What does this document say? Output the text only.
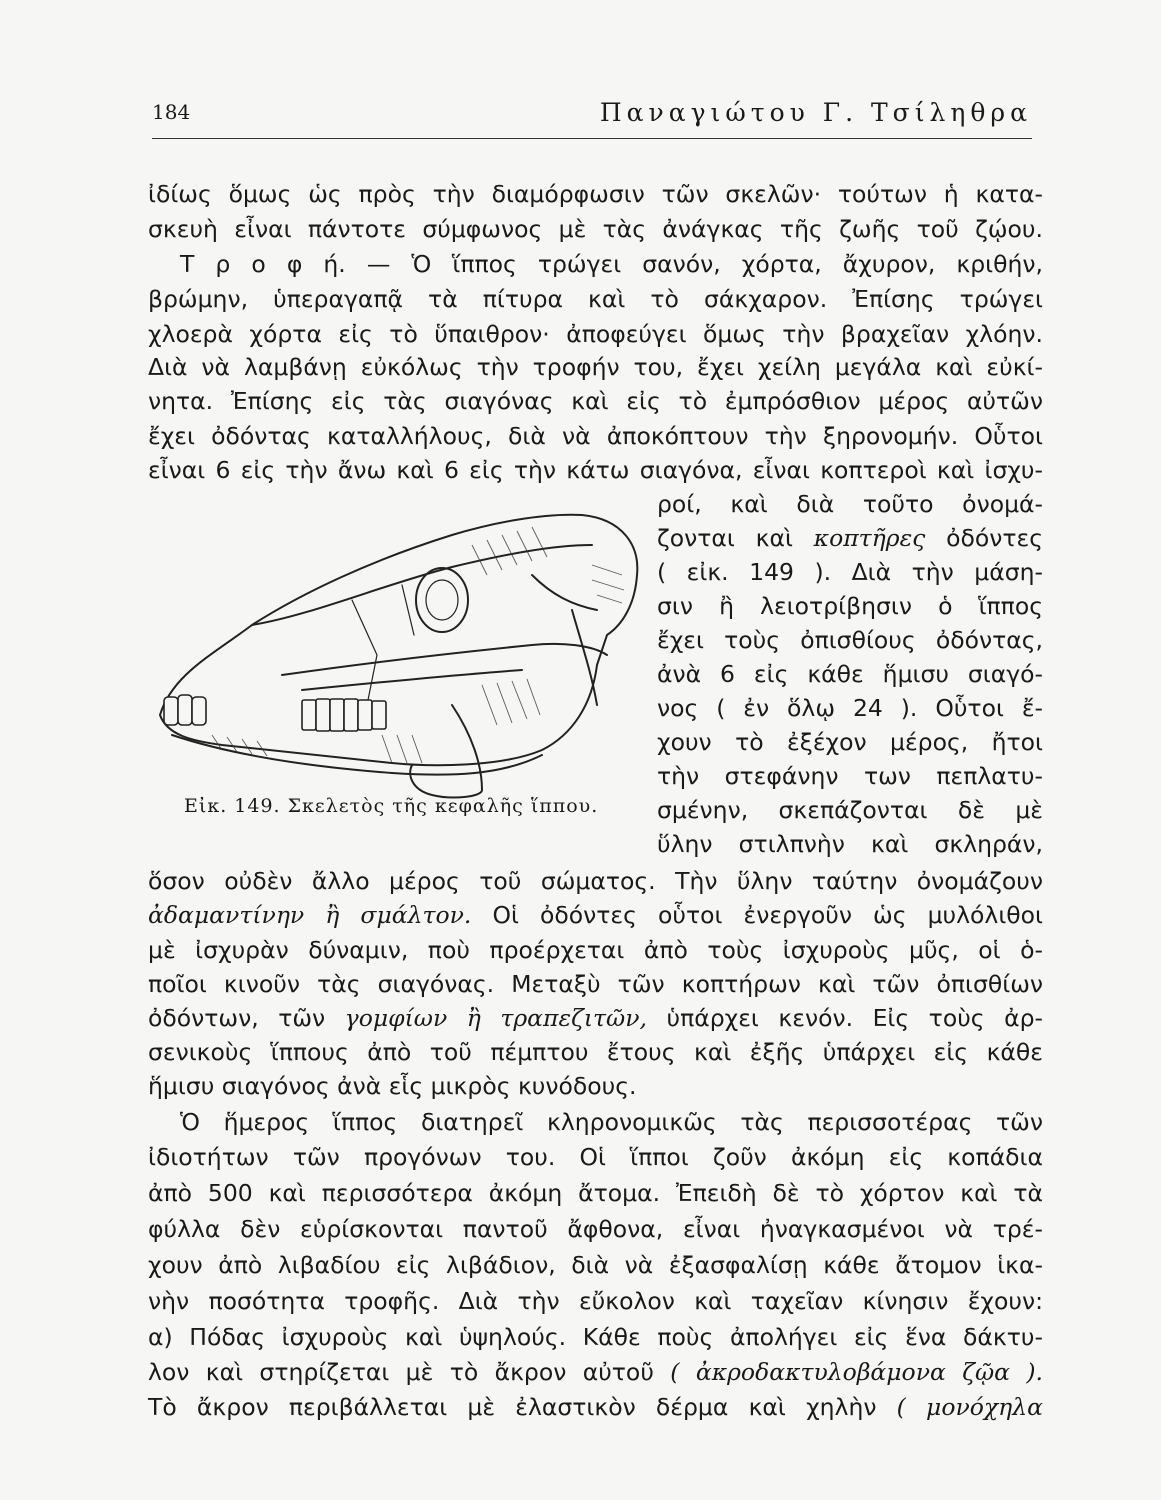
184	Παναγιώτου Γ. Τσίληθρα

ἰδίως ὅμως ὡς πρὸς τὴν διαμόρφωσιν τῶν σκελῶν· τούτων ἡ κατα-

σκευὴ εἶναι πάντοτε σύμφωνος μὲ τὰς ἀνάγκας τῆς ζωῆς τοῦ ζῴου.

Τ ρ ο φ ή. — Ὁ ἵππος τρώγει σανόν, χόρτα, ἄχυρον, κριθήν,

βρώμην, ὑπεραγαπᾷ τὰ πίτυρα καὶ τὸ σάκχαρον. Ἐπίσης τρώγει

χλοερὰ χόρτα εἰς τὸ ὕπαιθρον· ἀποφεύγει ὅμως τὴν βραχεῖαν χλόην.

Διὰ νὰ λαμβάνῃ εὐκόλως τὴν τροφήν του, ἔχει χείλη μεγάλα καὶ εὐκί-

νητα. Ἐπίσης εἰς τὰς σιαγόνας καὶ εἰς τὸ ἐμπρόσθιον μέρος αὐτῶν

ἔχει ὀδόντας καταλλήλους, διὰ νὰ ἀποκόπτουν τὴν ξηρονομήν. Οὗτοι

εἶναι 6 εἰς τὴν ἄνω καὶ 6 εἰς τὴν κάτω σιαγόνα, εἶναι κοπτεροὶ καὶ ἰσχυ-

Εἰκ. 149. Σκελετὸς τῆς κεφαλῆς ἵππου.

ροί, καὶ διὰ τοῦτο ὀνομά-

ζονται καὶ κοπτῆρες ὀδόντες

( εἰκ. 149 ). Διὰ τὴν μάση-

σιν ἢ λειοτρίβησιν ὁ ἵππος

ἔχει τοὺς ὀπισθίους ὀδόντας,

ἀνὰ 6 εἰς κάθε ἥμισυ σιαγό-

νος ( ἐν ὅλῳ 24 ). Οὗτοι ἔ-

χουν τὸ ἐξέχον μέρος, ἤτοι

τὴν στεφάνην των πεπλατυ-

σμένην, σκεπάζονται δὲ μὲ

ὕλην στιλπνὴν καὶ σκληράν,

ὅσον οὐδὲν ἄλλο μέρος τοῦ σώματος. Τὴν ὕλην ταύτην ὀνομάζουν

ἀδαμαντίνην ἢ σμάλτον. Οἱ ὀδόντες οὗτοι ἐνεργοῦν ὡς μυλόλιθοι

μὲ ἰσχυρὰν δύναμιν, ποὺ προέρχεται ἀπὸ τοὺς ἰσχυροὺς μῦς, οἱ ὁ-

ποῖοι κινοῦν τὰς σιαγόνας. Μεταξὺ τῶν κοπτήρων καὶ τῶν ὀπισθίων

ὀδόντων, τῶν γομφίων ἢ τραπεζιτῶν, ὑπάρχει κενόν. Εἰς τοὺς ἀρ-

σενικοὺς ἵππους ἀπὸ τοῦ πέμπτου ἔτους καὶ ἐξῆς ὑπάρχει εἰς κάθε

ἥμισυ σιαγόνος ἀνὰ εἷς μικρὸς κυνόδους.

Ὁ ἥμερος ἵππος διατηρεῖ κληρονομικῶς τὰς περισσοτέρας τῶν

ἰδιοτήτων τῶν προγόνων του. Οἱ ἵπποι ζοῦν ἀκόμη εἰς κοπάδια

ἀπὸ 500 καὶ περισσότερα ἀκόμη ἄτομα. Ἐπειδὴ δὲ τὸ χόρτον καὶ τὰ

φύλλα δὲν εὑρίσκονται παντοῦ ἄφθονα, εἶναι ἠναγκασμένοι νὰ τρέ-

χουν ἀπὸ λιβαδίου εἰς λιβάδιον, διὰ νὰ ἐξασφαλίσῃ κάθε ἄτομον ἱκα-

νὴν ποσότητα τροφῆς. Διὰ τὴν εὔκολον καὶ ταχεῖαν κίνησιν ἔχουν:

α) Πόδας ἰσχυροὺς καὶ ὑψηλούς. Κάθε ποὺς ἀπολήγει εἰς ἕνα δάκτυ-

λον καὶ στηρίζεται μὲ τὸ ἄκρον αὐτοῦ ( ἀκροδακτυλοβάμονα ζῷα ).

Τὸ ἄκρον περιβάλλεται μὲ ἐλαστικὸν δέρμα καὶ χηλὴν ( μονόχηλα
